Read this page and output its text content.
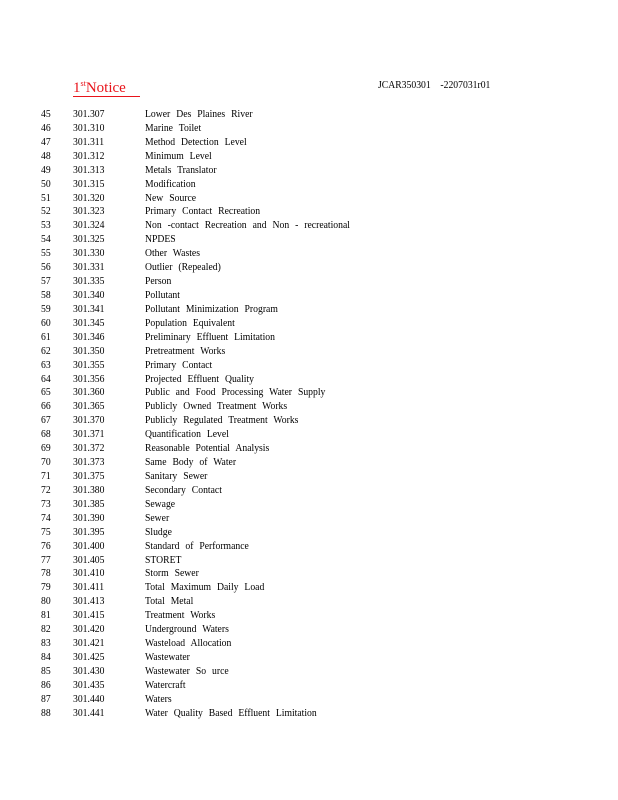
1stNotice	JCAR350301    -2207031r01
45 301.307	Lower Des Plaines River
46 301.310	Marine Toilet
47 301.311	Method Detection Level
48 301.312	Minimum Level
49 301.313	Metals Translator
50 301.315	Modification
51 301.320	New Source
52 301.323	Primary Contact Recreation
53 301.324	Non -contact Recreation and Non - recreational
54 301.325	NPDES
55 301.330	Other Wastes
56 301.331	Outlier (Repealed)
57 301.335	Person
58 301.340	Pollutant
59 301.341	Pollutant Minimization Program
60 301.345	Population Equivalent
61 301.346	Preliminary Effluent Limitation
62 301.350	Pretreatment Works
63 301.355	Primary Contact
64 301.356	Projected Effluent Quality
65 301.360	Public and Food Processing Water Supply
66 301.365	Publicly Owned Treatment Works
67 301.370	Publicly Regulated Treatment Works
68 301.371	Quantification Level
69 301.372	Reasonable Potential Analysis
70 301.373	Same Body of Water
71 301.375	Sanitary Sewer
72 301.380	Secondary Contact
73 301.385	Sewage
74 301.390	Sewer
75 301.395	Sludge
76 301.400	Standard of Performance
77 301.405	STORET
78 301.410	Storm Sewer
79 301.411	Total Maximum Daily Load
80 301.413	Total Metal
81 301.415	Treatment Works
82 301.420	Underground Waters
83 301.421	Wasteload Allocation
84 301.425	Wastewater
85 301.430	Wastewater So urce
86 301.435	Watercraft
87 301.440	Waters
88 301.441	Water Quality Based Effluent Limitation
